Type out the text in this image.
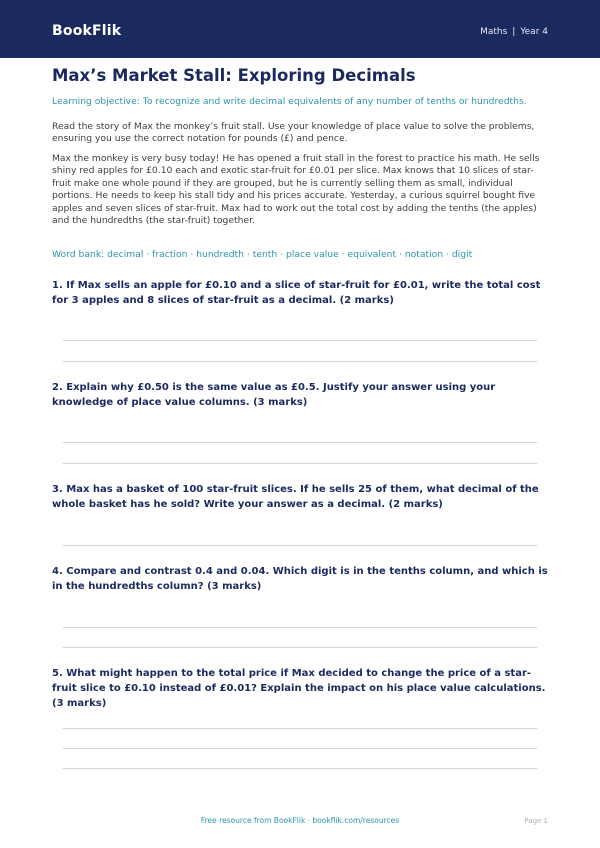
BookFlik	Maths | Year 4
Max’s Market Stall: Exploring Decimals
Learning objective: To recognize and write decimal equivalents of any number of tenths or hundredths.
Read the story of Max the monkey’s fruit stall. Use your knowledge of place value to solve the problems, ensuring you use the correct notation for pounds (£) and pence.
Max the monkey is very busy today! He has opened a fruit stall in the forest to practice his math. He sells shiny red apples for £0.10 each and exotic star-fruit for £0.01 per slice. Max knows that 10 slices of star-fruit make one whole pound if they are grouped, but he is currently selling them as small, individual portions. He needs to keep his stall tidy and his prices accurate. Yesterday, a curious squirrel bought five apples and seven slices of star-fruit. Max had to work out the total cost by adding the tenths (the apples) and the hundredths (the star-fruit) together.
Word bank: decimal · fraction · hundredth · tenth · place value · equivalent · notation · digit
1. If Max sells an apple for £0.10 and a slice of star-fruit for £0.01, write the total cost for 3 apples and 8 slices of star-fruit as a decimal. (2 marks)
2. Explain why £0.50 is the same value as £0.5. Justify your answer using your knowledge of place value columns. (3 marks)
3. Max has a basket of 100 star-fruit slices. If he sells 25 of them, what decimal of the whole basket has he sold? Write your answer as a decimal. (2 marks)
4. Compare and contrast 0.4 and 0.04. Which digit is in the tenths column, and which is in the hundredths column? (3 marks)
5. What might happen to the total price if Max decided to change the price of a star-fruit slice to £0.10 instead of £0.01? Explain the impact on his place value calculations. (3 marks)
Free resource from BookFlik · bookflik.com/resources	Page 1
